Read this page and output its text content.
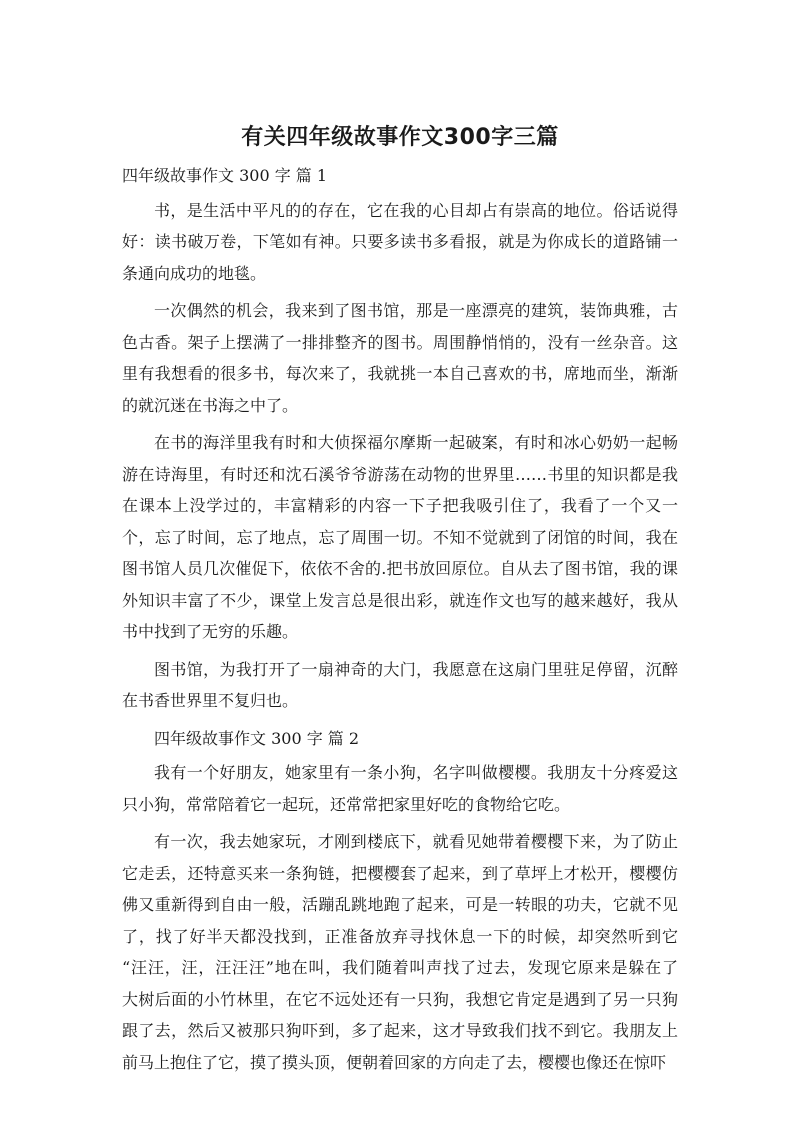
有关四年级故事作文300字三篇
四年级故事作文 300 字 篇 1
书，是生活中平凡的的存在，它在我的心目却占有崇高的地位。俗话说得
好：读书破万卷，下笔如有神。只要多读书多看报，就是为你成长的道路铺一
条通向成功的地毯。
一次偶然的机会，我来到了图书馆，那是一座漂亮的建筑，装饰典雅，古
色古香。架子上摆满了一排排整齐的图书。周围静悄悄的，没有一丝杂音。这
里有我想看的很多书，每次来了，我就挑一本自己喜欢的书，席地而坐，渐渐
的就沉迷在书海之中了。
在书的海洋里我有时和大侦探福尔摩斯一起破案，有时和冰心奶奶一起畅
游在诗海里，有时还和沈石溪爷爷游荡在动物的世界里……书里的知识都是我
在课本上没学过的，丰富精彩的内容一下子把我吸引住了，我看了一个又一
个，忘了时间，忘了地点，忘了周围一切。不知不觉就到了闭馆的时间，我在
图书馆人员几次催促下，依依不舍的.把书放回原位。自从去了图书馆，我的课
外知识丰富了不少，课堂上发言总是很出彩，就连作文也写的越来越好，我从
书中找到了无穷的乐趣。
图书馆，为我打开了一扇神奇的大门，我愿意在这扇门里驻足停留，沉醉
在书香世界里不复归也。
四年级故事作文 300 字 篇 2
我有一个好朋友，她家里有一条小狗，名字叫做樱樱。我朋友十分疼爱这
只小狗，常常陪着它一起玩，还常常把家里好吃的食物给它吃。
有一次，我去她家玩，才刚到楼底下，就看见她带着樱樱下来，为了防止
它走丢，还特意买来一条狗链，把樱樱套了起来，到了草坪上才松开，樱樱仿
佛又重新得到自由一般，活蹦乱跳地跑了起来，可是一转眼的功夫，它就不见
了，找了好半天都没找到，正准备放弃寻找休息一下的时候，却突然听到它
“汪汪，汪，汪汪汪”地在叫，我们随着叫声找了过去，发现它原来是躲在了
大树后面的小竹林里，在它不远处还有一只狗，我想它肯定是遇到了另一只狗
跟了去，然后又被那只狗吓到，多了起来，这才导致我们找不到它。我朋友上
前马上抱住了它，摸了摸头顶，便朝着回家的方向走了去，樱樱也像还在惊吓
